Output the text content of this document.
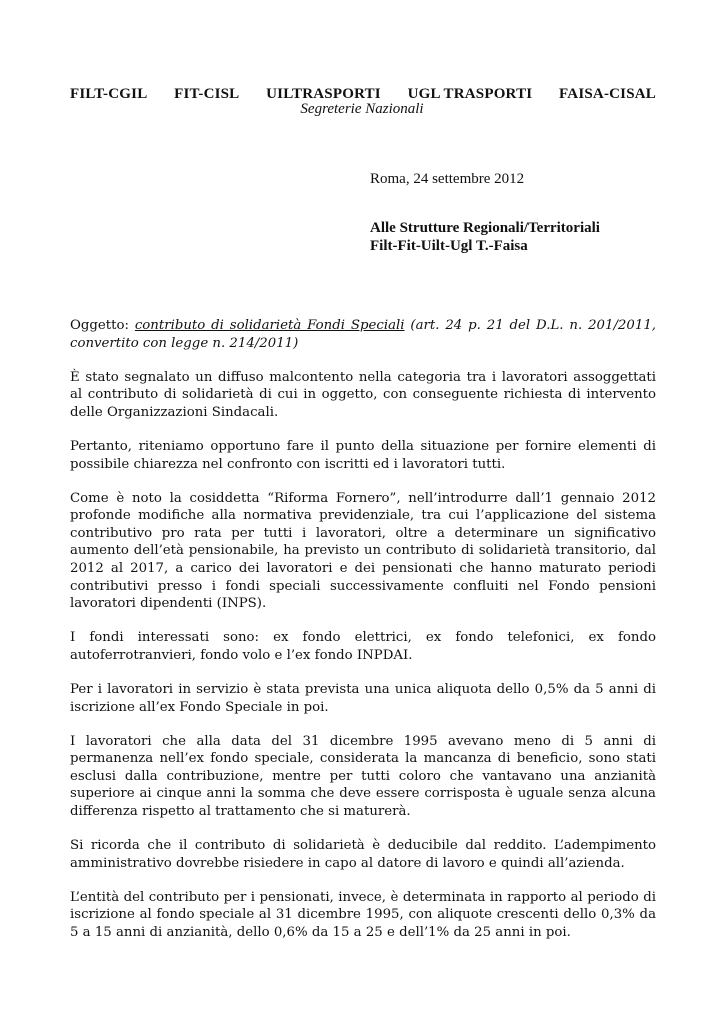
FILT-CGIL FIT-CISL UILTRASPORTI UGL TRASPORTI FAISA-CISAL
Segreterie Nazionali
Roma, 24 settembre 2012
Alle Strutture Regionali/Territoriali
Filt-Fit-Uilt-Ugl T.-Faisa

Oggetto: contributo di solidarietà Fondi Speciali (art. 24 p. 21 del D.L. n. 201/2011, convertito con legge n. 214/2011)

È stato segnalato un diffuso malcontento nella categoria tra i lavoratori assoggettati al contributo di solidarietà di cui in oggetto, con conseguente richiesta di intervento delle Organizzazioni Sindacali.

Pertanto, riteniamo opportuno fare il punto della situazione per fornire elementi di possibile chiarezza nel confronto con iscritti ed i lavoratori tutti.

Come è noto la cosiddetta “Riforma Fornero”, nell’introdurre dall’1 gennaio 2012 profonde modifiche alla normativa previdenziale, tra cui l’applicazione del sistema contributivo pro rata per tutti i lavoratori, oltre a determinare un significativo aumento dell’età pensionabile, ha previsto un contributo di solidarietà transitorio, dal 2012 al 2017, a carico dei lavoratori e dei pensionati che hanno maturato periodi contributivi presso i fondi speciali successivamente confluiti nel Fondo pensioni lavoratori dipendenti (INPS).

I fondi interessati sono: ex fondo elettrici, ex fondo telefonici, ex fondo autoferrotranvieri, fondo volo e l’ex fondo INPDAI.

Per i lavoratori in servizio è stata prevista una unica aliquota dello 0,5% da 5 anni di iscrizione all’ex Fondo Speciale in poi.

I lavoratori che alla data del 31 dicembre 1995 avevano meno di 5 anni di permanenza nell’ex fondo speciale, considerata la mancanza di beneficio, sono stati esclusi dalla contribuzione, mentre per tutti coloro che vantavano una anzianità superiore ai cinque anni la somma che deve essere corrisposta è uguale senza alcuna differenza rispetto al trattamento che si maturerà.

Si ricorda che il contributo di solidarietà è deducibile dal reddito. L’adempimento amministrativo dovrebbe risiedere in capo al datore di lavoro e quindi all’azienda.

L’entità del contributo per i pensionati, invece, è determinata in rapporto al periodo di iscrizione al fondo speciale al 31 dicembre 1995, con aliquote crescenti dello 0,3% da 5 a 15 anni di anzianità, dello 0,6% da 15 a 25 e dell’1% da 25 anni in poi.
